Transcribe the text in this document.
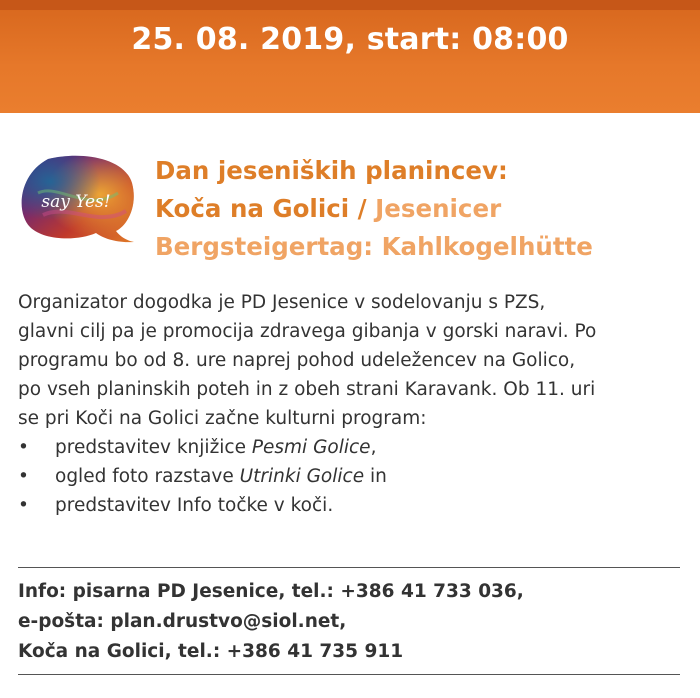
25. 08. 2019, start: 08:00
say Yes!
Dan jeseniških planincev:
Koča na Golici / Jesenicer
Bergsteigertag: Kahlkogelhütte

Organizator dogodka je PD Jesenice v sodelovanju s PZS,

glavni cilj pa je promocija zdravega gibanja v gorski naravi. Po

programu bo od 8. ure naprej pohod udeležencev na Golico,

po vseh planinskih poteh in z obeh strani Karavank. Ob 11. uri

se pri Koči na Golici začne kulturni program:

• predstavitev knjižice Pesmi Golice,
• ogled foto razstave Utrinki Golice in
• predstavitev Info točke v koči.
Info: pisarna PD Jesenice, tel.: +386 41 733 036,
e-pošta: plan.drustvo@siol.net,
Koča na Golici, tel.: +386 41 735 911
